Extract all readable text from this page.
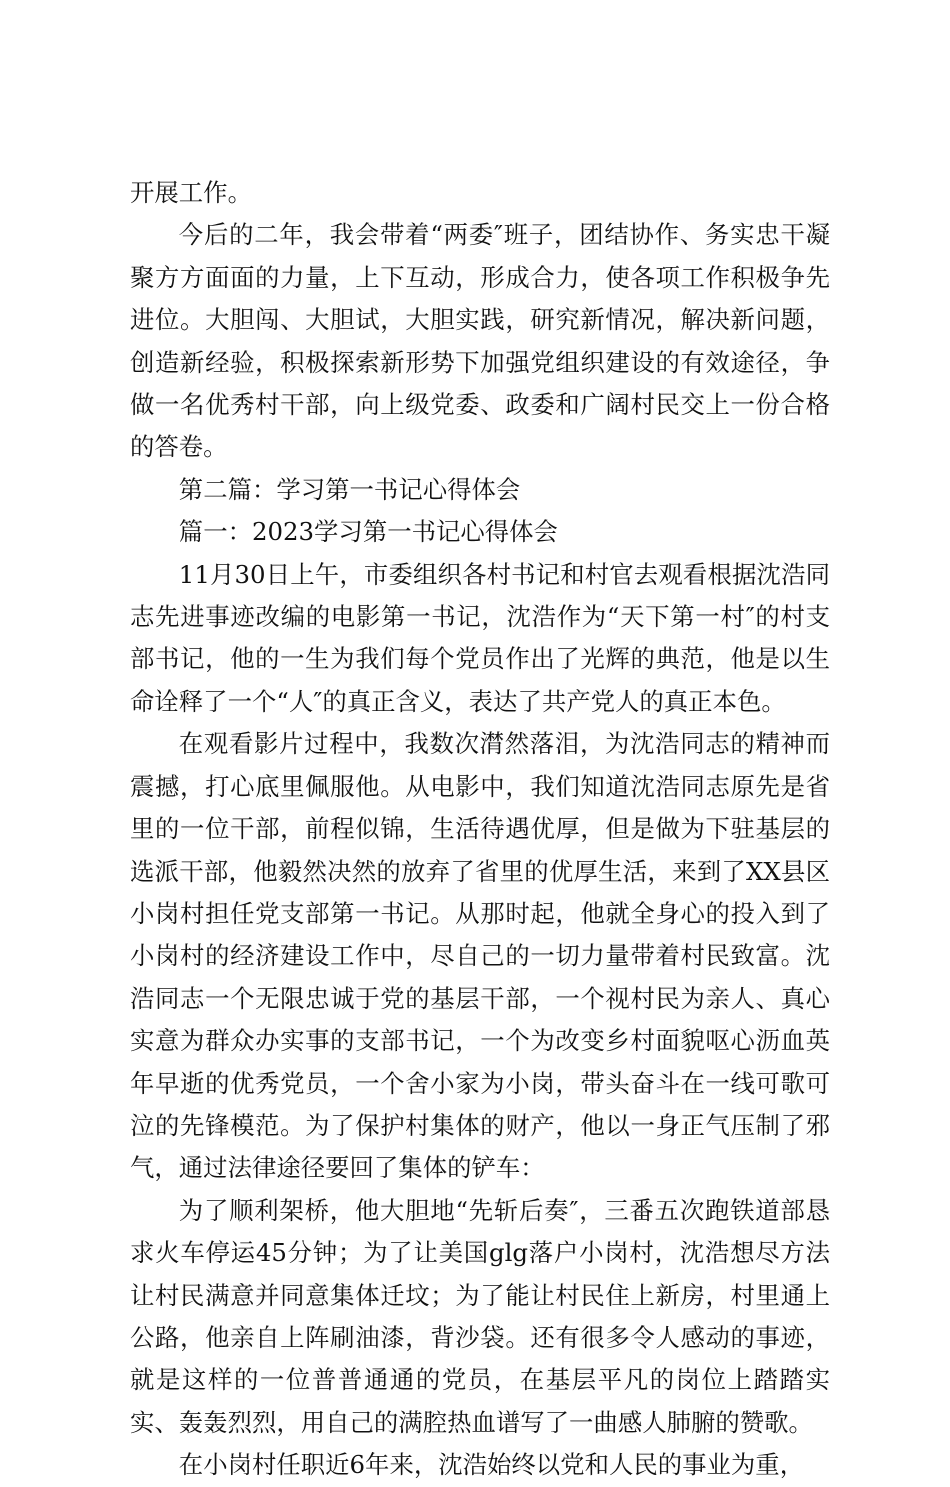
开展工作。

今后的二年，我会带着“两委″班子，团结协作、务实忠干凝聚方方面面的力量，上下互动，形成合力，使各项工作积极争先进位。大胆闯、大胆试，大胆实践，研究新情况，解决新问题，创造新经验，积极探索新形势下加强党组织建设的有效途径，争做一名优秀村干部，向上级党委、政委和广阔村民交上一份合格的答卷。

第二篇：学习第一书记心得体会

篇一：2023学习第一书记心得体会

11月30日上午，市委组织各村书记和村官去观看根据沈浩同志先进事迹改编的电影第一书记，沈浩作为“天下第一村″的村支部书记，他的一生为我们每个党员作出了光辉的典范，他是以生命诠释了一个“人″的真正含义，表达了共产党人的真正本色。

在观看影片过程中，我数次潸然落泪，为沈浩同志的精神而震撼，打心底里佩服他。从电影中，我们知道沈浩同志原先是省里的一位干部，前程似锦，生活待遇优厚，但是做为下驻基层的选派干部，他毅然决然的放弃了省里的优厚生活，来到了XX县区小岗村担任党支部第一书记。从那时起，他就全身心的投入到了小岗村的经济建设工作中，尽自己的一切力量带着村民致富。沈浩同志一个无限忠诚于党的基层干部，一个视村民为亲人、真心实意为群众办实事的支部书记，一个为改变乡村面貌呕心沥血英年早逝的优秀党员，一个舍小家为小岗，带头奋斗在一线可歌可泣的先锋模范。为了保护村集体的财产，他以一身正气压制了邪气，通过法律途径要回了集体的铲车：

为了顺利架桥，他大胆地“先斩后奏″，三番五次跑铁道部恳求火车停运45分钟；为了让美国glg落户小岗村，沈浩想尽方法让村民满意并同意集体迁坟；为了能让村民住上新房，村里通上公路，他亲自上阵刷油漆，背沙袋。还有很多令人感动的事迹，就是这样的一位普普通通的党员，在基层平凡的岗位上踏踏实实、轰轰烈烈，用自己的满腔热血谱写了一曲感人肺腑的赞歌。

在小岗村任职近6年来，沈浩始终以党和人民的事业为重，
